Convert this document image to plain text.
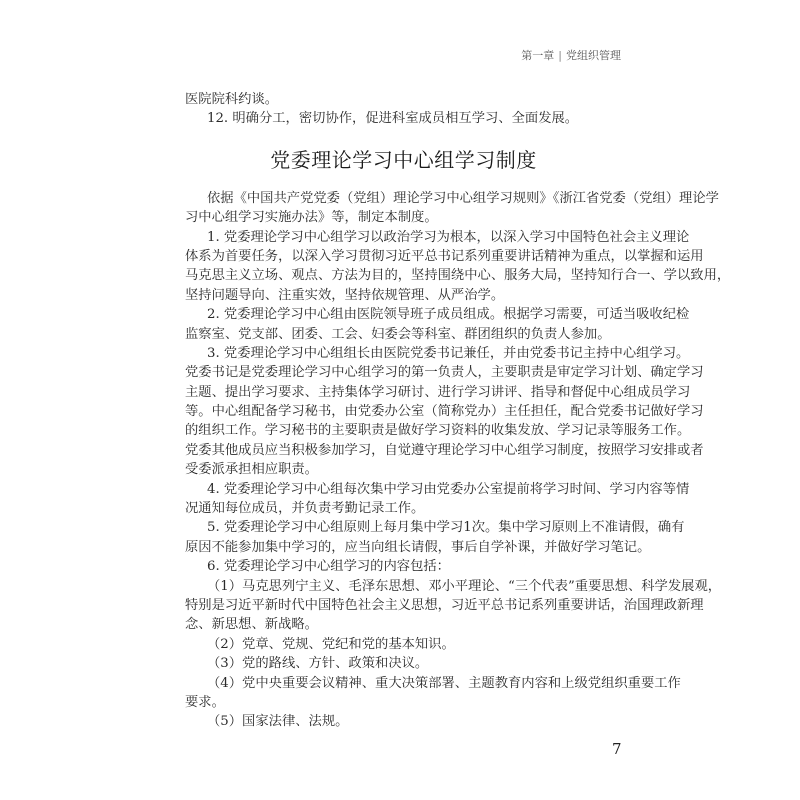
第一章 | 党组织管理
医院院科约谈。
12. 明确分工，密切协作，促进科室成员相互学习、全面发展。
党委理论学习中心组学习制度
依据《中国共产党党委（党组）理论学习中心组学习规则》《浙江省党委（党组）理论学
习中心组学习实施办法》等，制定本制度。
1. 党委理论学习中心组学习以政治学习为根本，以深入学习中国特色社会主义理论
体系为首要任务，以深入学习贯彻习近平总书记系列重要讲话精神为重点，以掌握和运用
马克思主义立场、观点、方法为目的，坚持围绕中心、服务大局，坚持知行合一、学以致用，
坚持问题导向、注重实效，坚持依规管理、从严治学。
2. 党委理论学习中心组由医院领导班子成员组成。根据学习需要，可适当吸收纪检
监察室、党支部、团委、工会、妇委会等科室、群团组织的负责人参加。
3. 党委理论学习中心组组长由医院党委书记兼任，并由党委书记主持中心组学习。
党委书记是党委理论学习中心组学习的第一负责人，主要职责是审定学习计划、确定学习
主题、提出学习要求、主持集体学习研讨、进行学习讲评、指导和督促中心组成员学习
等。中心组配备学习秘书，由党委办公室（简称党办）主任担任，配合党委书记做好学习
的组织工作。学习秘书的主要职责是做好学习资料的收集发放、学习记录等服务工作。
党委其他成员应当积极参加学习，自觉遵守理论学习中心组学习制度，按照学习安排或者
受委派承担相应职责。
4. 党委理论学习中心组每次集中学习由党委办公室提前将学习时间、学习内容等情
况通知每位成员，并负责考勤记录工作。
5. 党委理论学习中心组原则上每月集中学习1次。集中学习原则上不准请假，确有
原因不能参加集中学习的，应当向组长请假，事后自学补课，并做好学习笔记。
6. 党委理论学习中心组学习的内容包括：
（1）马克思列宁主义、毛泽东思想、邓小平理论、“三个代表”重要思想、科学发展观，
特别是习近平新时代中国特色社会主义思想，习近平总书记系列重要讲话，治国理政新理
念、新思想、新战略。
（2）党章、党规、党纪和党的基本知识。
（3）党的路线、方针、政策和决议。
（4）党中央重要会议精神、重大决策部署、主题教育内容和上级党组织重要工作
要求。
（5）国家法律、法规。
7
